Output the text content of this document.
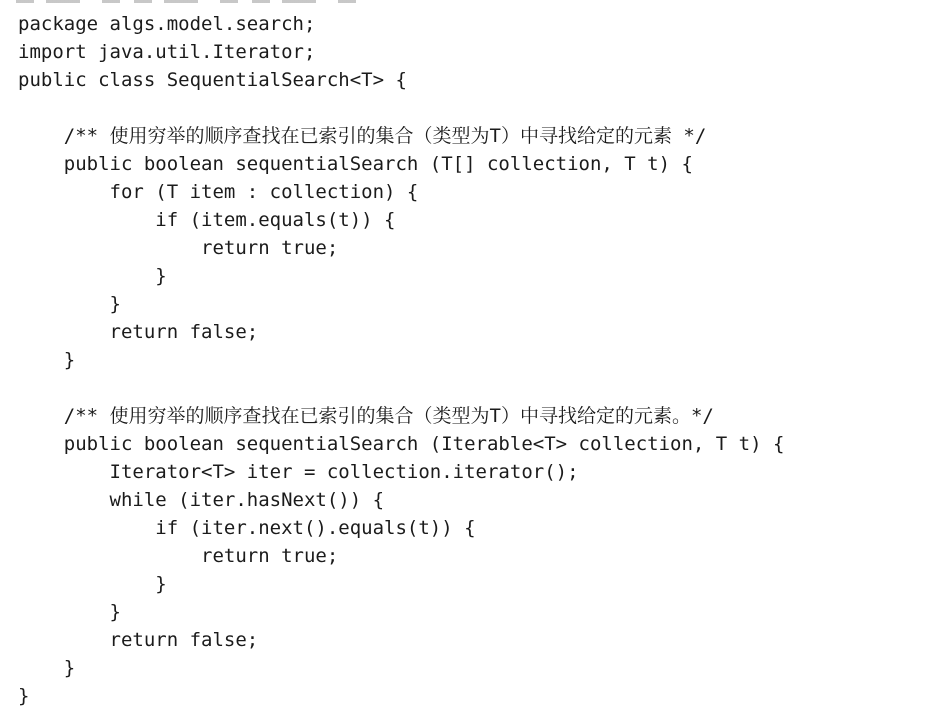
package algs.model.search;
import java.util.Iterator;
public class SequentialSearch<T> {
/** 使用穷举的顺序查找在已索引的集合（类型为T）中寻找给定的元素 */
public boolean sequentialSearch (T[] collection, T t) {
for (T item : collection) {
if (item.equals(t)) {
return true;
}
}
return false;
}
/** 使用穷举的顺序查找在已索引的集合（类型为T）中寻找给定的元素。*/
public boolean sequentialSearch (Iterable<T> collection, T t) {
Iterator<T> iter = collection.iterator();
while (iter.hasNext()) {
if (iter.next().equals(t)) {
return true;
}
}
return false;
}
}
